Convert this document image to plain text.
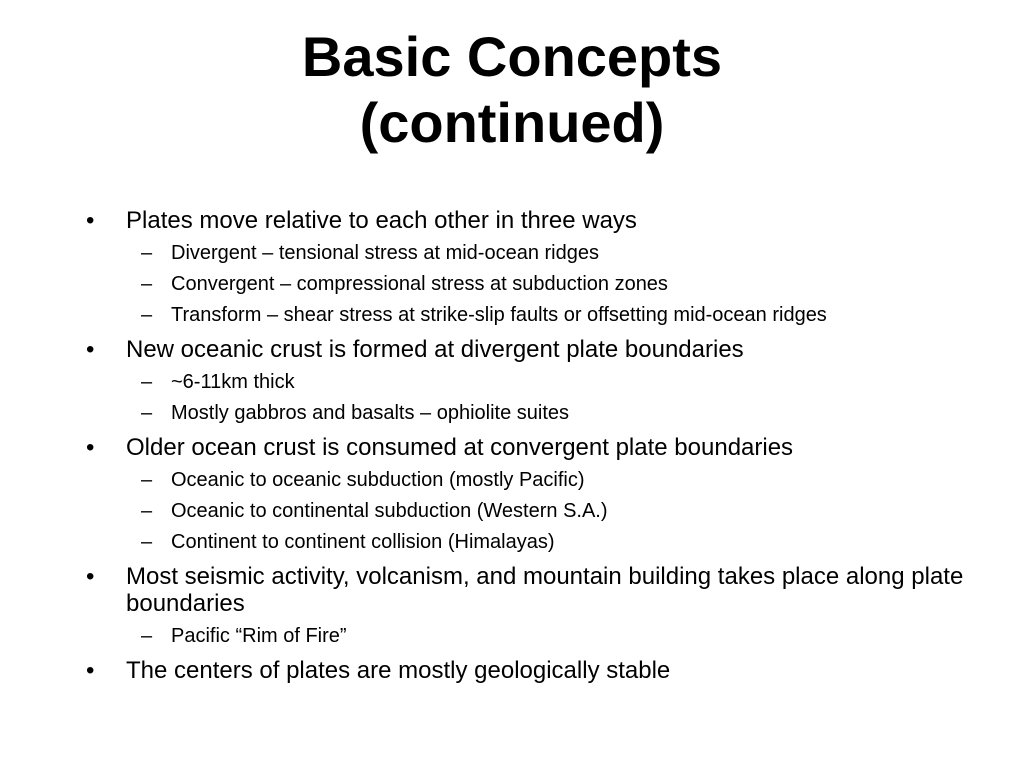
Basic Concepts
(continued)
•	Plates move relative to each other in three ways
– Divergent – tensional stress at mid-ocean ridges
– Convergent – compressional stress at subduction zones
– Transform – shear stress at strike-slip faults or offsetting mid-ocean ridges
•	New oceanic crust is formed at divergent plate boundaries
– ~6-11km thick
– Mostly gabbros and basalts – ophiolite suites
•	Older ocean crust is consumed at convergent plate boundaries
– Oceanic to oceanic subduction (mostly Pacific)
– Oceanic to continental subduction (Western S.A.)
– Continent to continent collision (Himalayas)
•	Most seismic activity, volcanism, and mountain building takes place along plate boundaries
– Pacific “Rim of Fire”
•	The centers of plates are mostly geologically stable
